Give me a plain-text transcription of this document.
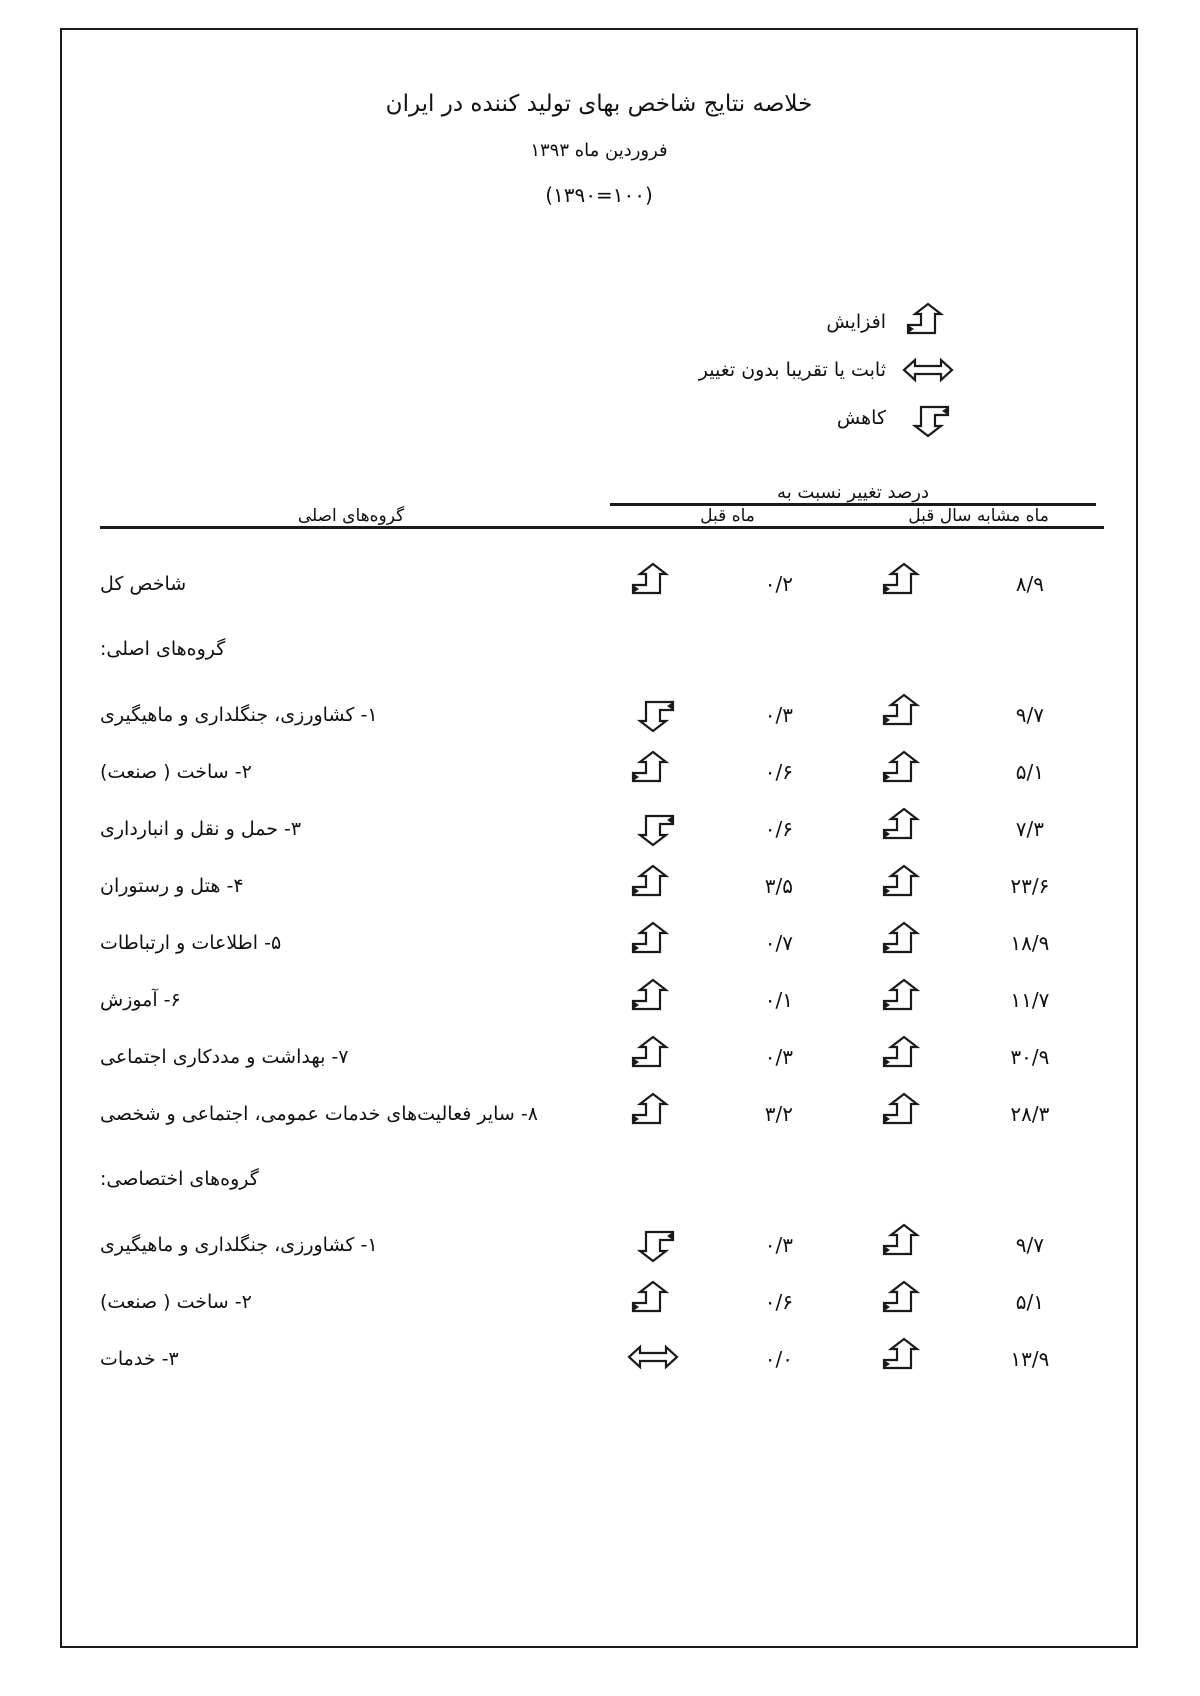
خلاصه نتایج شاخص بهای تولید کننده در ایران
فروردین ماه ۱۳۹۳
(۱۳۹۰=۱۰۰)
افزایش
ثابت یا تقریبا بدون تغییر
کاهش
درصد تغییر نسبت به				

ماه مشابه سال قبل		ماه قبل		گروه‌های اصلی

۸/۹		۰/۲		شاخص کل
				گروه‌های اصلی:
۹/۷		۰/۳		۱- کشاورزی، جنگلداری و ماهیگیری
۵/۱		۰/۶		۲- ساخت ( صنعت)
۷/۳		۰/۶		۳- حمل و نقل و انبارداری
۲۳/۶		۳/۵		۴- هتل و رستوران
۱۸/۹		۰/۷		۵- اطلاعات و ارتباطات
۱۱/۷		۰/۱		۶- آموزش
۳۰/۹		۰/۳		۷- بهداشت و مددکاری اجتماعی
۲۸/۳		۳/۲		۸- سایر فعالیت‌های خدمات عمومی، اجتماعی و شخصی
				گروه‌های اختصاصی:
۹/۷		۰/۳		۱- کشاورزی، جنگلداری و ماهیگیری
۵/۱		۰/۶		۲- ساخت ( صنعت)
۱۳/۹		۰/۰		۳- خدمات
